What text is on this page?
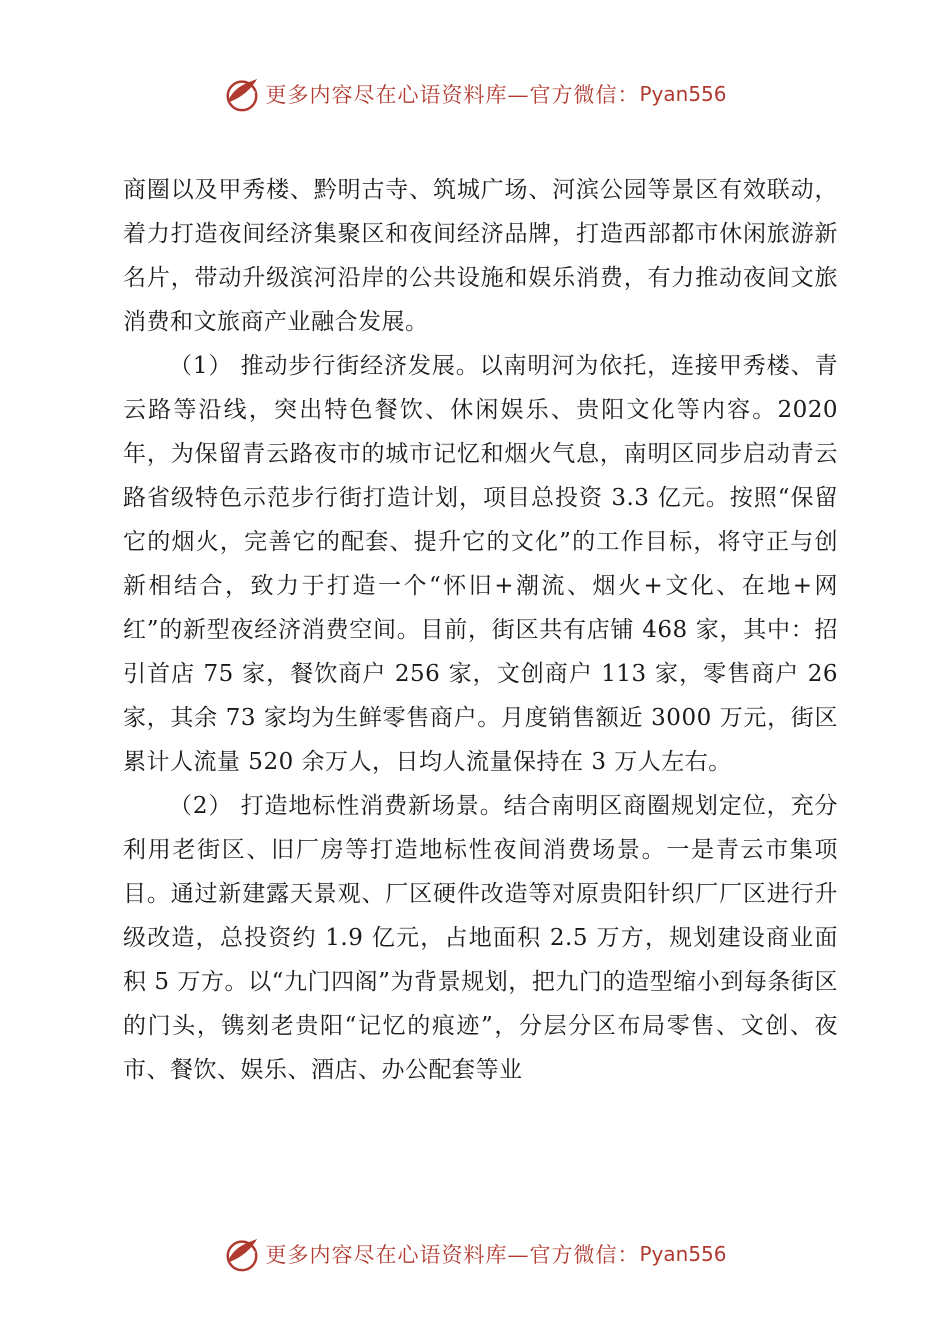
更多内容尽在心语资料库—官方微信： Pyan556

商圈以及甲秀楼、黔明古寺、筑城广场、河滨公园等景区有效联动，着力打造夜间经济集聚区和夜间经济品牌，打造西部都市休闲旅游新名片，带动升级滨河沿岸的公共设施和娱乐消费，有力推动夜间文旅消费和文旅商产业融合发展。

（1） 推动步行街经济发展。以南明河为依托，连接甲秀楼、青云路等沿线，突出特色餐饮、休闲娱乐、贵阳文化等内容。2020年，为保留青云路夜市的城市记忆和烟火气息，南明区同步启动青云路省级特色示范步行街打造计划，项目总投资 3.3 亿元。按照“保留它的烟火，完善它的配套、提升它的文化”的工作目标，将守正与创新相结合，致力于打造一个“怀旧+潮流、烟火+文化、在地+网红”的新型夜经济消费空间。目前，街区共有店铺 468 家，其中：招引首店 75 家，餐饮商户 256 家，文创商户 113 家，零售商户 26 家，其余 73 家均为生鲜零售商户。月度销售额近 3000 万元，街区累计人流量 520 余万人，日均人流量保持在 3 万人左右。

（2） 打造地标性消费新场景。结合南明区商圈规划定位，充分利用老街区、旧厂房等打造地标性夜间消费场景。一是青云市集项目。通过新建露天景观、厂区硬件改造等对原贵阳针织厂厂区进行升级改造，总投资约 1.9 亿元，占地面积 2.5 万方，规划建设商业面积 5 万方。以“九门四阁”为背景规划，把九门的造型缩小到每条街区的门头，镌刻老贵阳“记忆的痕迹”，分层分区布局零售、文创、夜市、餐饮、娱乐、酒店、办公配套等业

更多内容尽在心语资料库—官方微信： Pyan556
